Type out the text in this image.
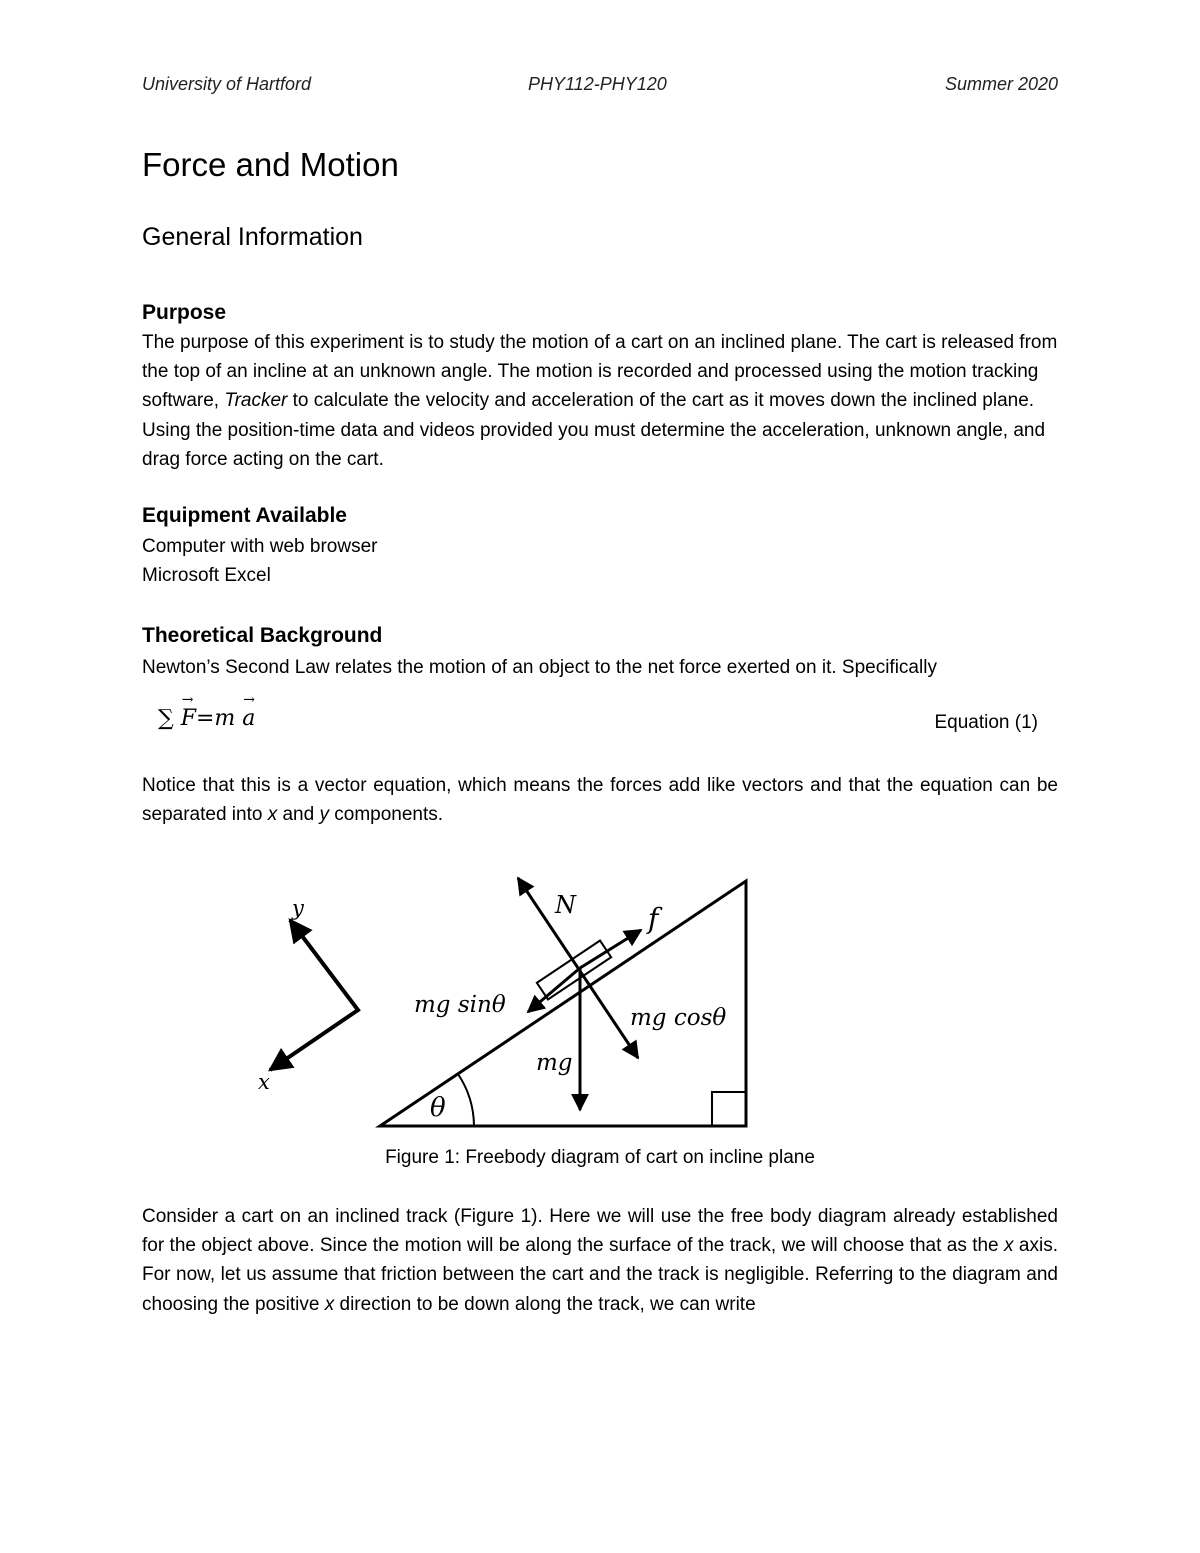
University of Hartford	PHY112-PHY120	Summer 2020
Force and Motion
General Information
Purpose

The purpose of this experiment is to study the motion of a cart on an inclined plane. The cart is released from the top of an incline at an unknown angle. The motion is recorded and processed using the motion tracking software, Tracker to calculate the velocity and acceleration of the cart as it moves down the inclined plane. Using the position-time data and videos provided you must determine the acceleration, unknown angle, and drag force acting on the cart.

Equipment Available

Computer with web browser
Microsoft Excel

Theoretical Background

Newton’s Second Law relates the motion of an object to the net force exerted on it. Specifically

∑ → F=m → a	Equation (1)

Notice that this is a vector equation, which means the forces add like vectors and that the equation can be separated into x and y components.

y
x
N	f
mg sinθ	mg cosθ
mg
θ
Figure 1: Freebody diagram of cart on incline plane

Consider a cart on an inclined track (Figure 1). Here we will use the free body diagram already established for the object above. Since the motion will be along the surface of the track, we will choose that as the x axis. For now, let us assume that friction between the cart and the track is negligible. Referring to the diagram and choosing the positive x direction to be down along the track, we can write
